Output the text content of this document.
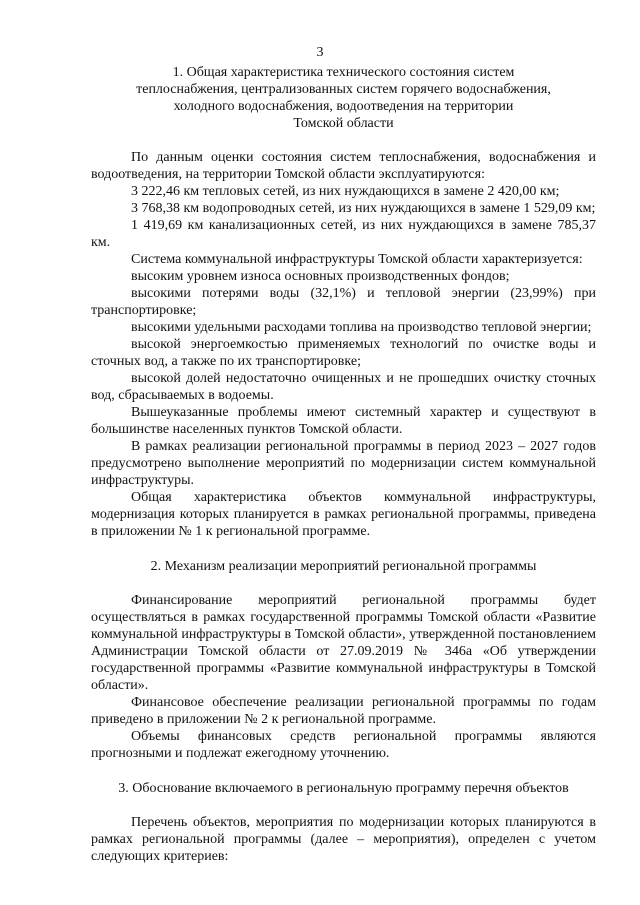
3
1. Общая характеристика технического состояния систем
теплоснабжения, централизованных систем горячего водоснабжения,
холодного водоснабжения, водоотведения на территории
Томской области

По данным оценки состояния систем теплоснабжения, водоснабжения и водоотведения, на территории Томской области эксплуатируются:

3 222,46 км тепловых сетей, из них нуждающихся в замене 2 420,00 км;

3 768,38 км водопроводных сетей, из них нуждающихся в замене 1 529,09 км;

1 419,69 км канализационных сетей, из них нуждающихся в замене 785,37 км.

Система коммунальной инфраструктуры Томской области характеризуется:

высоким уровнем износа основных производственных фондов;

высокими потерями воды (32,1%) и тепловой энергии (23,99%) при транспортировке;

высокими удельными расходами топлива на производство тепловой энергии;

высокой энергоемкостью применяемых технологий по очистке воды и сточных вод, а также по их транспортировке;

высокой долей недостаточно очищенных и не прошедших очистку сточных вод, сбрасываемых в водоемы.

Вышеуказанные проблемы имеют системный характер и существуют в большинстве населенных пунктов Томской области.

В рамках реализации региональной программы в период 2023 – 2027 годов предусмотрено выполнение мероприятий по модернизации систем коммунальной инфраструктуры.

Общая характеристика объектов коммунальной инфраструктуры, модернизация которых планируется в рамках региональной программы, приведена в приложении № 1 к региональной программе.

2. Механизм реализации мероприятий региональной программы

Финансирование мероприятий региональной программы будет осуществляться в рамках государственной программы Томской области «Развитие коммунальной инфраструктуры в Томской области», утвержденной постановлением Администрации Томской области от 27.09.2019 № 346а «Об утверждении государственной программы «Развитие коммунальной инфраструктуры в Томской области».

Финансовое обеспечение реализации региональной программы по годам приведено в приложении № 2 к региональной программе.

Объемы финансовых средств региональной программы являются прогнозными и подлежат ежегодному уточнению.

3. Обоснование включаемого в региональную программу перечня объектов

Перечень объектов, мероприятия по модернизации которых планируются в рамках региональной программы (далее – мероприятия), определен с учетом следующих критериев:
